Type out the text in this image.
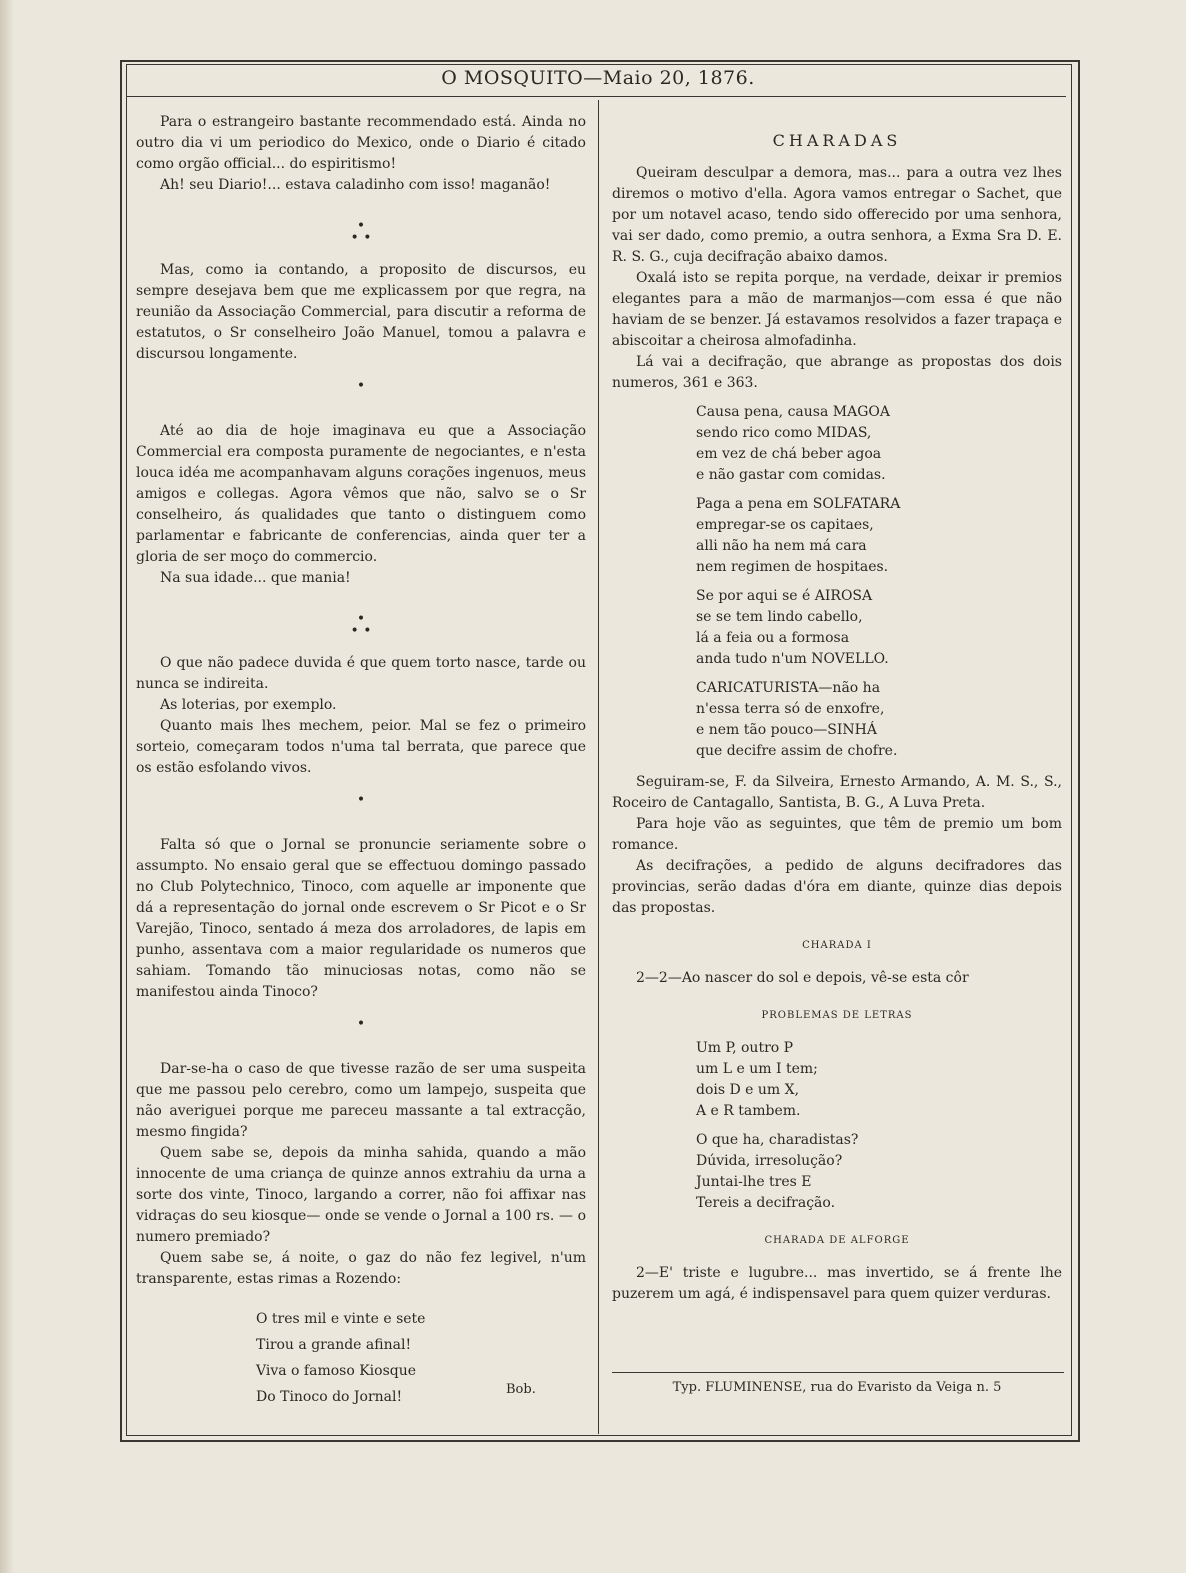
O MOSQUITO—Maio 20, 1876.

Para o estrangeiro bastante recommendado está. Ainda no outro dia vi um periodico do Mexico, onde o Diario é citado como orgão official... do espiritismo!

Ah! seu Diario!... estava caladinho com isso! maganão!

•
• •

Mas, como ia contando, a proposito de discursos, eu sempre desejava bem que me explicassem por que regra, na reunião da Associação Commercial, para discutir a reforma de estatutos, o Sr conselheiro João Manuel, tomou a palavra e discursou longamente.

•

Até ao dia de hoje imaginava eu que a Associação Commercial era composta puramente de negociantes, e n'esta louca idéa me acompanhavam alguns corações ingenuos, meus amigos e collegas. Agora vêmos que não, salvo se o Sr conselheiro, ás qualidades que tanto o distinguem como parlamentar e fabricante de conferencias, ainda quer ter a gloria de ser moço do commercio.

Na sua idade... que mania!

•
• •

O que não padece duvida é que quem torto nasce, tarde ou nunca se indireita.

As loterias, por exemplo.

Quanto mais lhes mechem, peior. Mal se fez o primeiro sorteio, começaram todos n'uma tal berrata, que parece que os estão esfolando vivos.

•

Falta só que o Jornal se pronuncie seriamente sobre o assumpto. No ensaio geral que se effectuou domingo passado no Club Polytechnico, Tinoco, com aquelle ar imponente que dá a representação do jornal onde escrevem o Sr Picot e o Sr Varejão, Tinoco, sentado á meza dos arroladores, de lapis em punho, assentava com a maior regularidade os numeros que sahiam. Tomando tão minuciosas notas, como não se manifestou ainda Tinoco?

•

Dar-se-ha o caso de que tivesse razão de ser uma suspeita que me passou pelo cerebro, como um lampejo, suspeita que não averiguei porque me pareceu massante a tal extracção, mesmo fingida?

Quem sabe se, depois da minha sahida, quando a mão innocente de uma criança de quinze annos extrahiu da urna a sorte dos vinte, Tinoco, largando a correr, não foi affixar nas vidraças do seu kiosque— onde se vende o Jornal a 100 rs. — o numero premiado?

Quem sabe se, á noite, o gaz do não fez legivel, n'um transparente, estas rimas a Rozendo:

O tres mil e vinte e sete
Tirou a grande afinal!
Viva o famoso Kiosque
Do Tinoco do Jornal!	Bob.
CHARADAS

Queiram desculpar a demora, mas... para a outra vez lhes diremos o motivo d'ella. Agora vamos entregar o Sachet, que por um notavel acaso, tendo sido offerecido por uma senhora, vai ser dado, como premio, a outra senhora, a Exma Sra D. E. R. S. G., cuja decifração abaixo damos.

Oxalá isto se repita porque, na verdade, deixar ir premios elegantes para a mão de marmanjos—com essa é que não haviam de se benzer. Já estavamos resolvidos a fazer trapaça e abiscoitar a cheirosa almofadinha.

Lá vai a decifração, que abrange as propostas dos dois numeros, 361 e 363.

Causa pena, causa MAGOA
sendo rico como MIDAS,
em vez de chá beber agoa
e não gastar com comidas.
Paga a pena em SOLFATARA
empregar-se os capitaes,
alli não ha nem má cara
nem regimen de hospitaes.
Se por aqui se é AIROSA
se se tem lindo cabello,
lá a feia ou a formosa
anda tudo n'um NOVELLO.
CARICATURISTA—não ha
n'essa terra só de enxofre,
e nem tão pouco—SINHÁ
que decifre assim de chofre.

Seguiram-se, F. da Silveira, Ernesto Armando, A. M. S., S., Roceiro de Cantagallo, Santista, B. G., A Luva Preta.

Para hoje vão as seguintes, que têm de premio um bom romance.

As decifrações, a pedido de alguns decifradores das provincias, serão dadas d'óra em diante, quinze dias depois das propostas.

CHARADA I

2—2—Ao nascer do sol e depois, vê-se esta côr

PROBLEMAS DE LETRAS
Um P, outro P
um L e um I tem;
dois D e um X,
A e R tambem.
O que ha, charadistas?
Dúvida, irresolução?
Juntai-lhe tres E
Tereis a decifração.
CHARADA DE ALFORGE

2—E' triste e lugubre... mas invertido, se á frente lhe puzerem um agá, é indispensavel para quem quizer verduras.

Typ. FLUMINENSE, rua do Evaristo da Veiga n. 5
